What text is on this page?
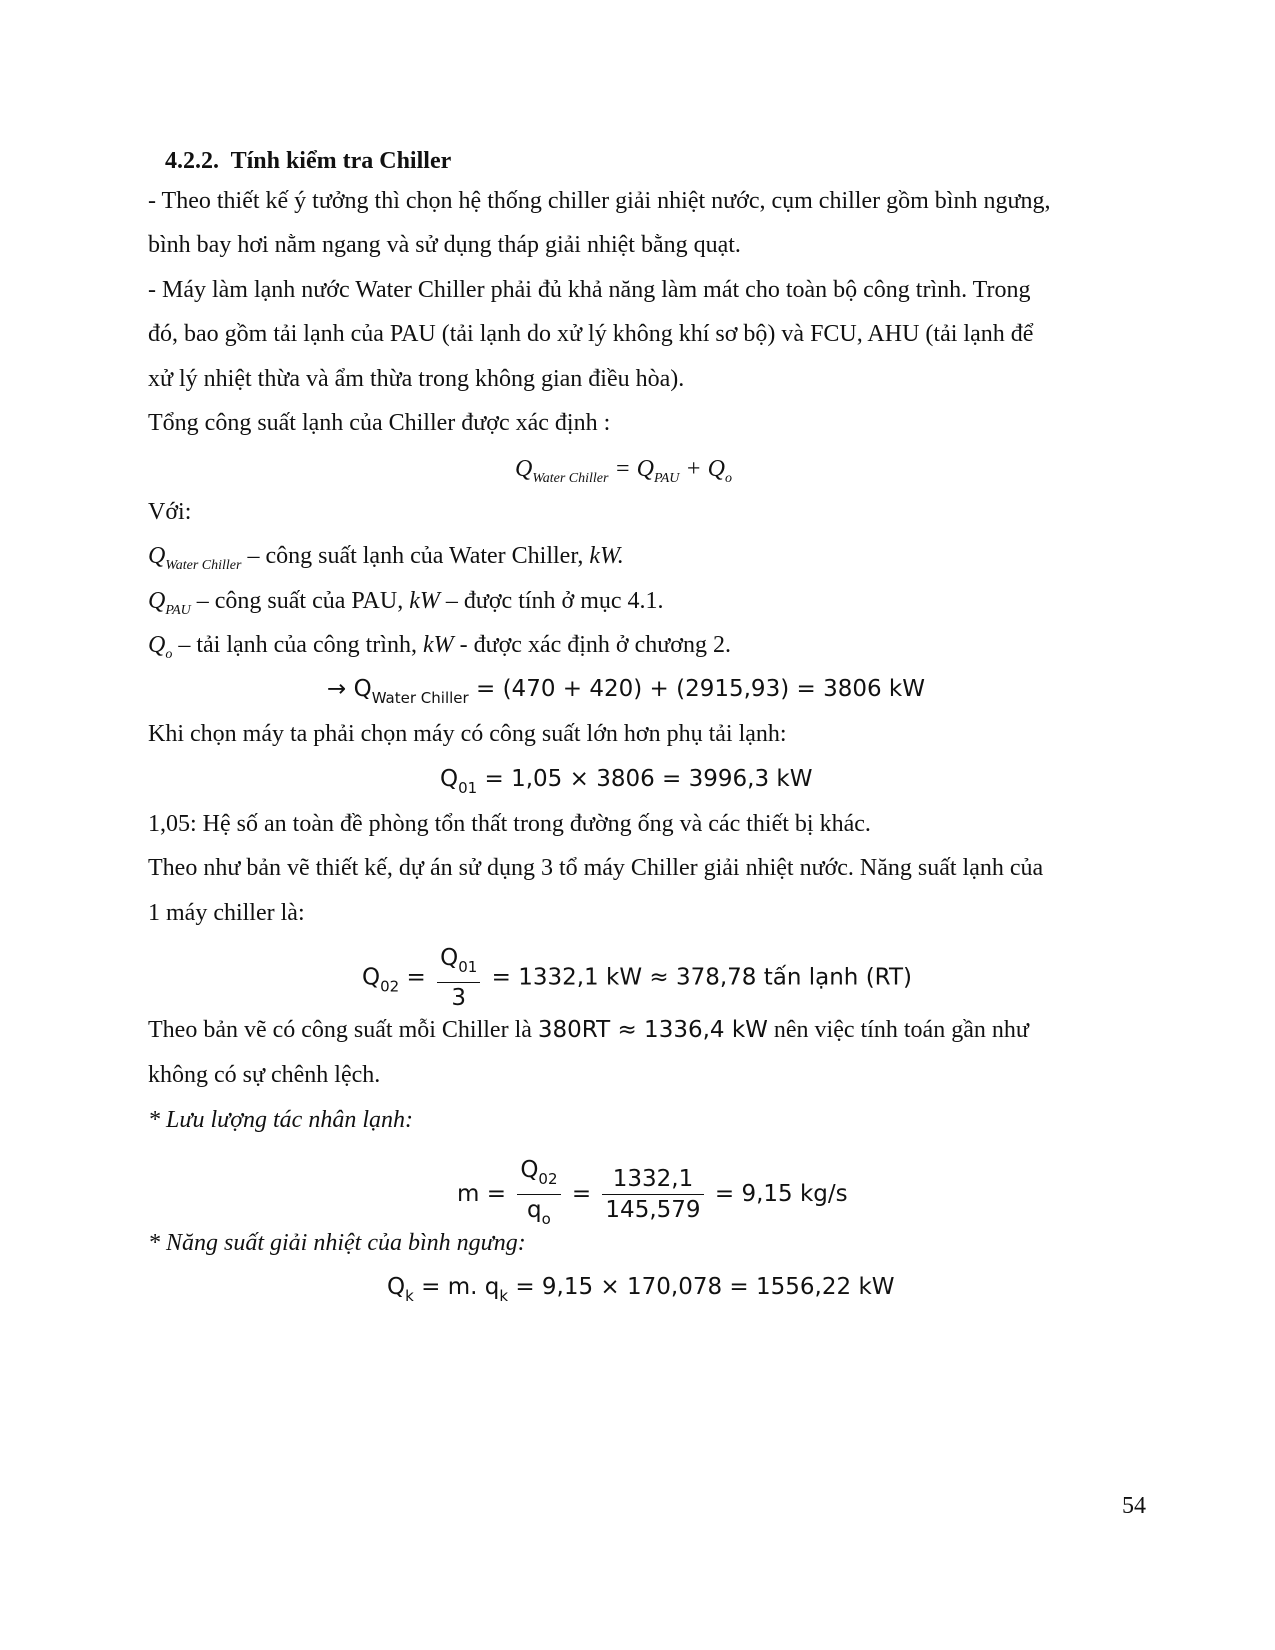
4.2.2. Tính kiểm tra Chiller
- Theo thiết kế ý tưởng thì chọn hệ thống chiller giải nhiệt nước, cụm chiller gồm bình ngưng,
bình bay hơi nằm ngang và sử dụng tháp giải nhiệt bằng quạt.
- Máy làm lạnh nước Water Chiller phải đủ khả năng làm mát cho toàn bộ công trình. Trong
đó, bao gồm tải lạnh của PAU (tải lạnh do xử lý không khí sơ bộ) và FCU, AHU (tải lạnh để
xử lý nhiệt thừa và ẩm thừa trong không gian điều hòa).
Tổng công suất lạnh của Chiller được xác định :
$Q_{Water Chiller} = Q_{PAU} + Q_o$
Với:
$Q_{Water Chiller}$ – công suất lạnh của Water Chiller, kW.
$Q_{PAU}$ – công suất của PAU, kW – được tính ở mục 4.1.
$Q_o$ – tải lạnh của công trình, kW - được xác định ở chương 2.
→ $Q_{Water Chiller} = (470 + 420) + (2915,93) = 3806$ kW
Khi chọn máy ta phải chọn máy có công suất lớn hơn phụ tải lạnh:
$Q_{01} = 1,05 \times 3806 = 3996,3$ kW
1,05: Hệ số an toàn đề phòng tổn thất trong đường ống và các thiết bị khác.
Theo như bản vẽ thiết kế, dự án sử dụng 3 tổ máy Chiller giải nhiệt nước. Năng suất lạnh của
1 máy chiller là:
$Q_{02} = \frac{Q_{01}}{3} = 1332,1$ kW ≈ 378,78 tấn lạnh (RT)
Theo bản vẽ có công suất mỗi Chiller là 380RT ≈ 1336,4 kW nên việc tính toán gần như
không có sự chênh lệch.
* Lưu lượng tác nhân lạnh:
$m = \frac{Q_{02}}{q_o} = \frac{1332,1}{145,579} = 9,15$ kg/s
* Năng suất giải nhiệt của bình ngưng:
$Q_k = m$. $q_k = 9,15 \times 170,078 = 1556,22$ kW
54
